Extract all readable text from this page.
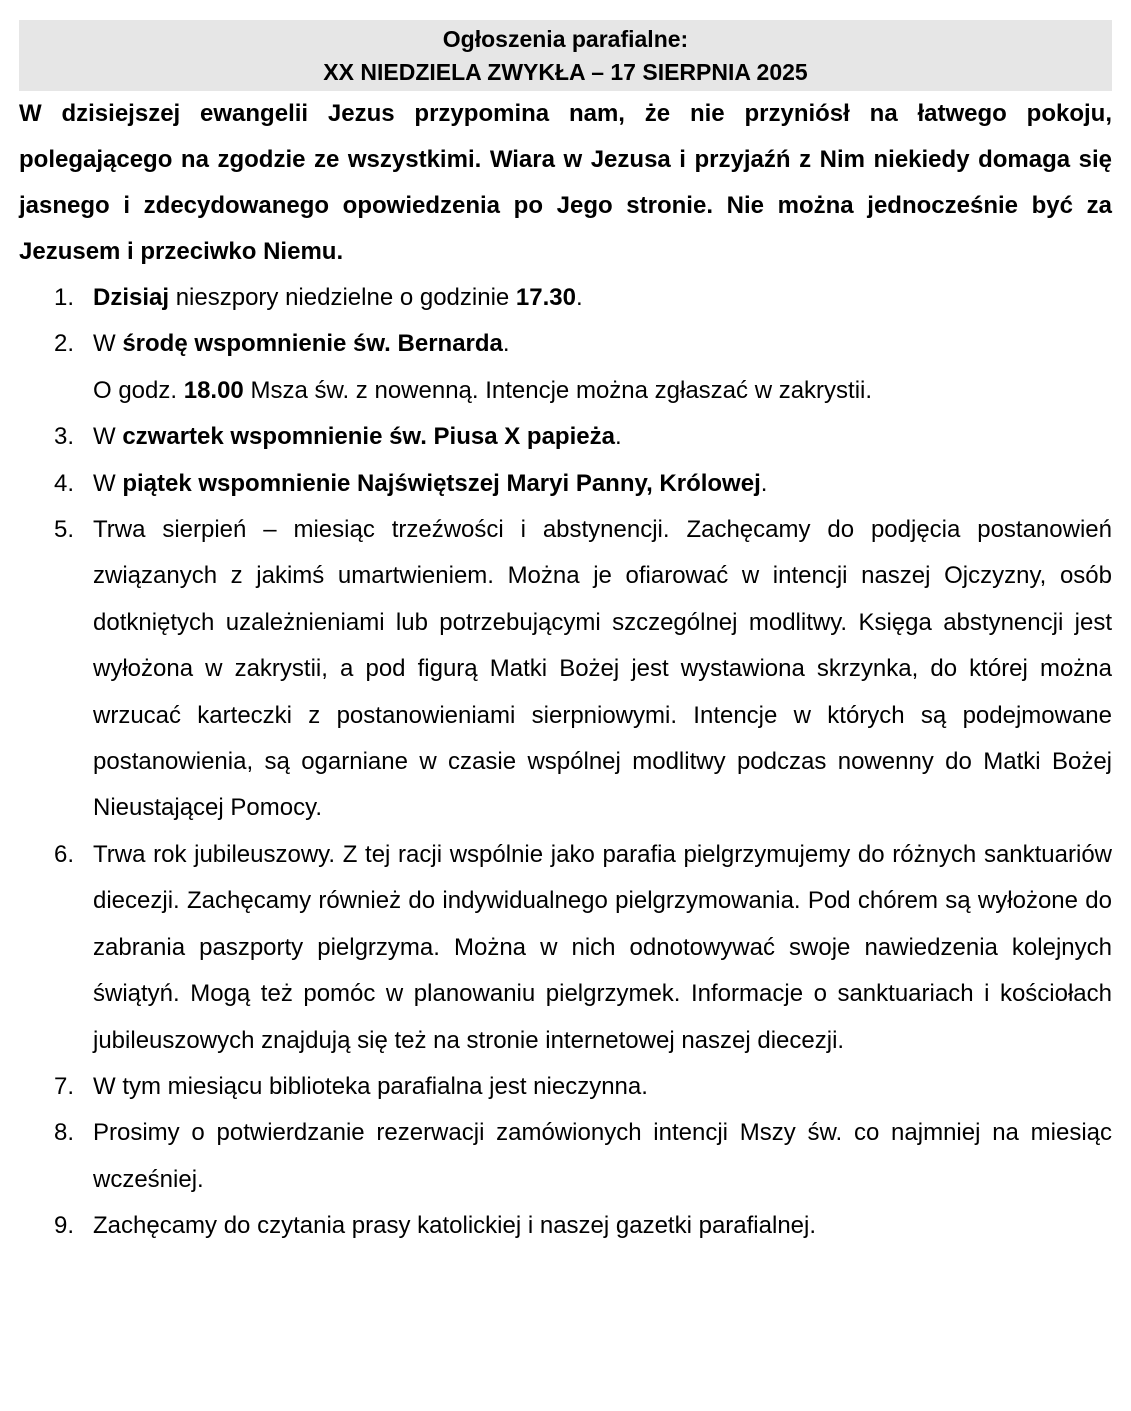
Ogłoszenia parafialne:
XX NIEDZIELA ZWYKŁA – 17 SIERPNIA 2025
W dzisiejszej ewangelii Jezus przypomina nam, że nie przyniósł na łatwego pokoju, polegającego na zgodzie ze wszystkimi. Wiara w Jezusa i przyjaźń z Nim niekiedy domaga się jasnego i zdecydowanego opowiedzenia po Jego stronie. Nie można jednocześnie być za Jezusem i przeciwko Niemu.
1. Dzisiaj nieszpory niedzielne o godzinie 17.30.
2. W środę wspomnienie św. Bernarda.
O godz. 18.00 Msza św. z nowenną. Intencje można zgłaszać w zakrystii.
3. W czwartek wspomnienie św. Piusa X papieża.
4. W piątek wspomnienie Najświętszej Maryi Panny, Królowej.
5. Trwa sierpień – miesiąc trzeźwości i abstynencji. Zachęcamy do podjęcia postanowień związanych z jakimś umartwieniem. Można je ofiarować w intencji naszej Ojczyzny, osób dotkniętych uzależnieniami lub potrzebującymi szczególnej modlitwy. Księga abstynencji jest wyłożona w zakrystii, a pod figurą Matki Bożej jest wystawiona skrzynka, do której można wrzucać karteczki z postanowieniami sierpniowymi. Intencje w których są podejmowane postanowienia, są ogarniane w czasie wspólnej modlitwy podczas nowenny do Matki Bożej Nieustającej Pomocy.
6. Trwa rok jubileuszowy. Z tej racji wspólnie jako parafia pielgrzymujemy do różnych sanktuariów diecezji. Zachęcamy również do indywidualnego pielgrzymowania. Pod chórem są wyłożone do zabrania paszporty pielgrzyma. Można w nich odnotowywać swoje nawiedzenia kolejnych świątyń. Mogą też pomóc w planowaniu pielgrzymek. Informacje o sanktuariach i kościołach jubileuszowych znajdują się też na stronie internetowej naszej diecezji.
7. W tym miesiącu biblioteka parafialna jest nieczynna.
8. Prosimy o potwierdzanie rezerwacji zamówionych intencji Mszy św. co najmniej na miesiąc wcześniej.
9. Zachęcamy do czytania prasy katolickiej i naszej gazetki parafialnej.
